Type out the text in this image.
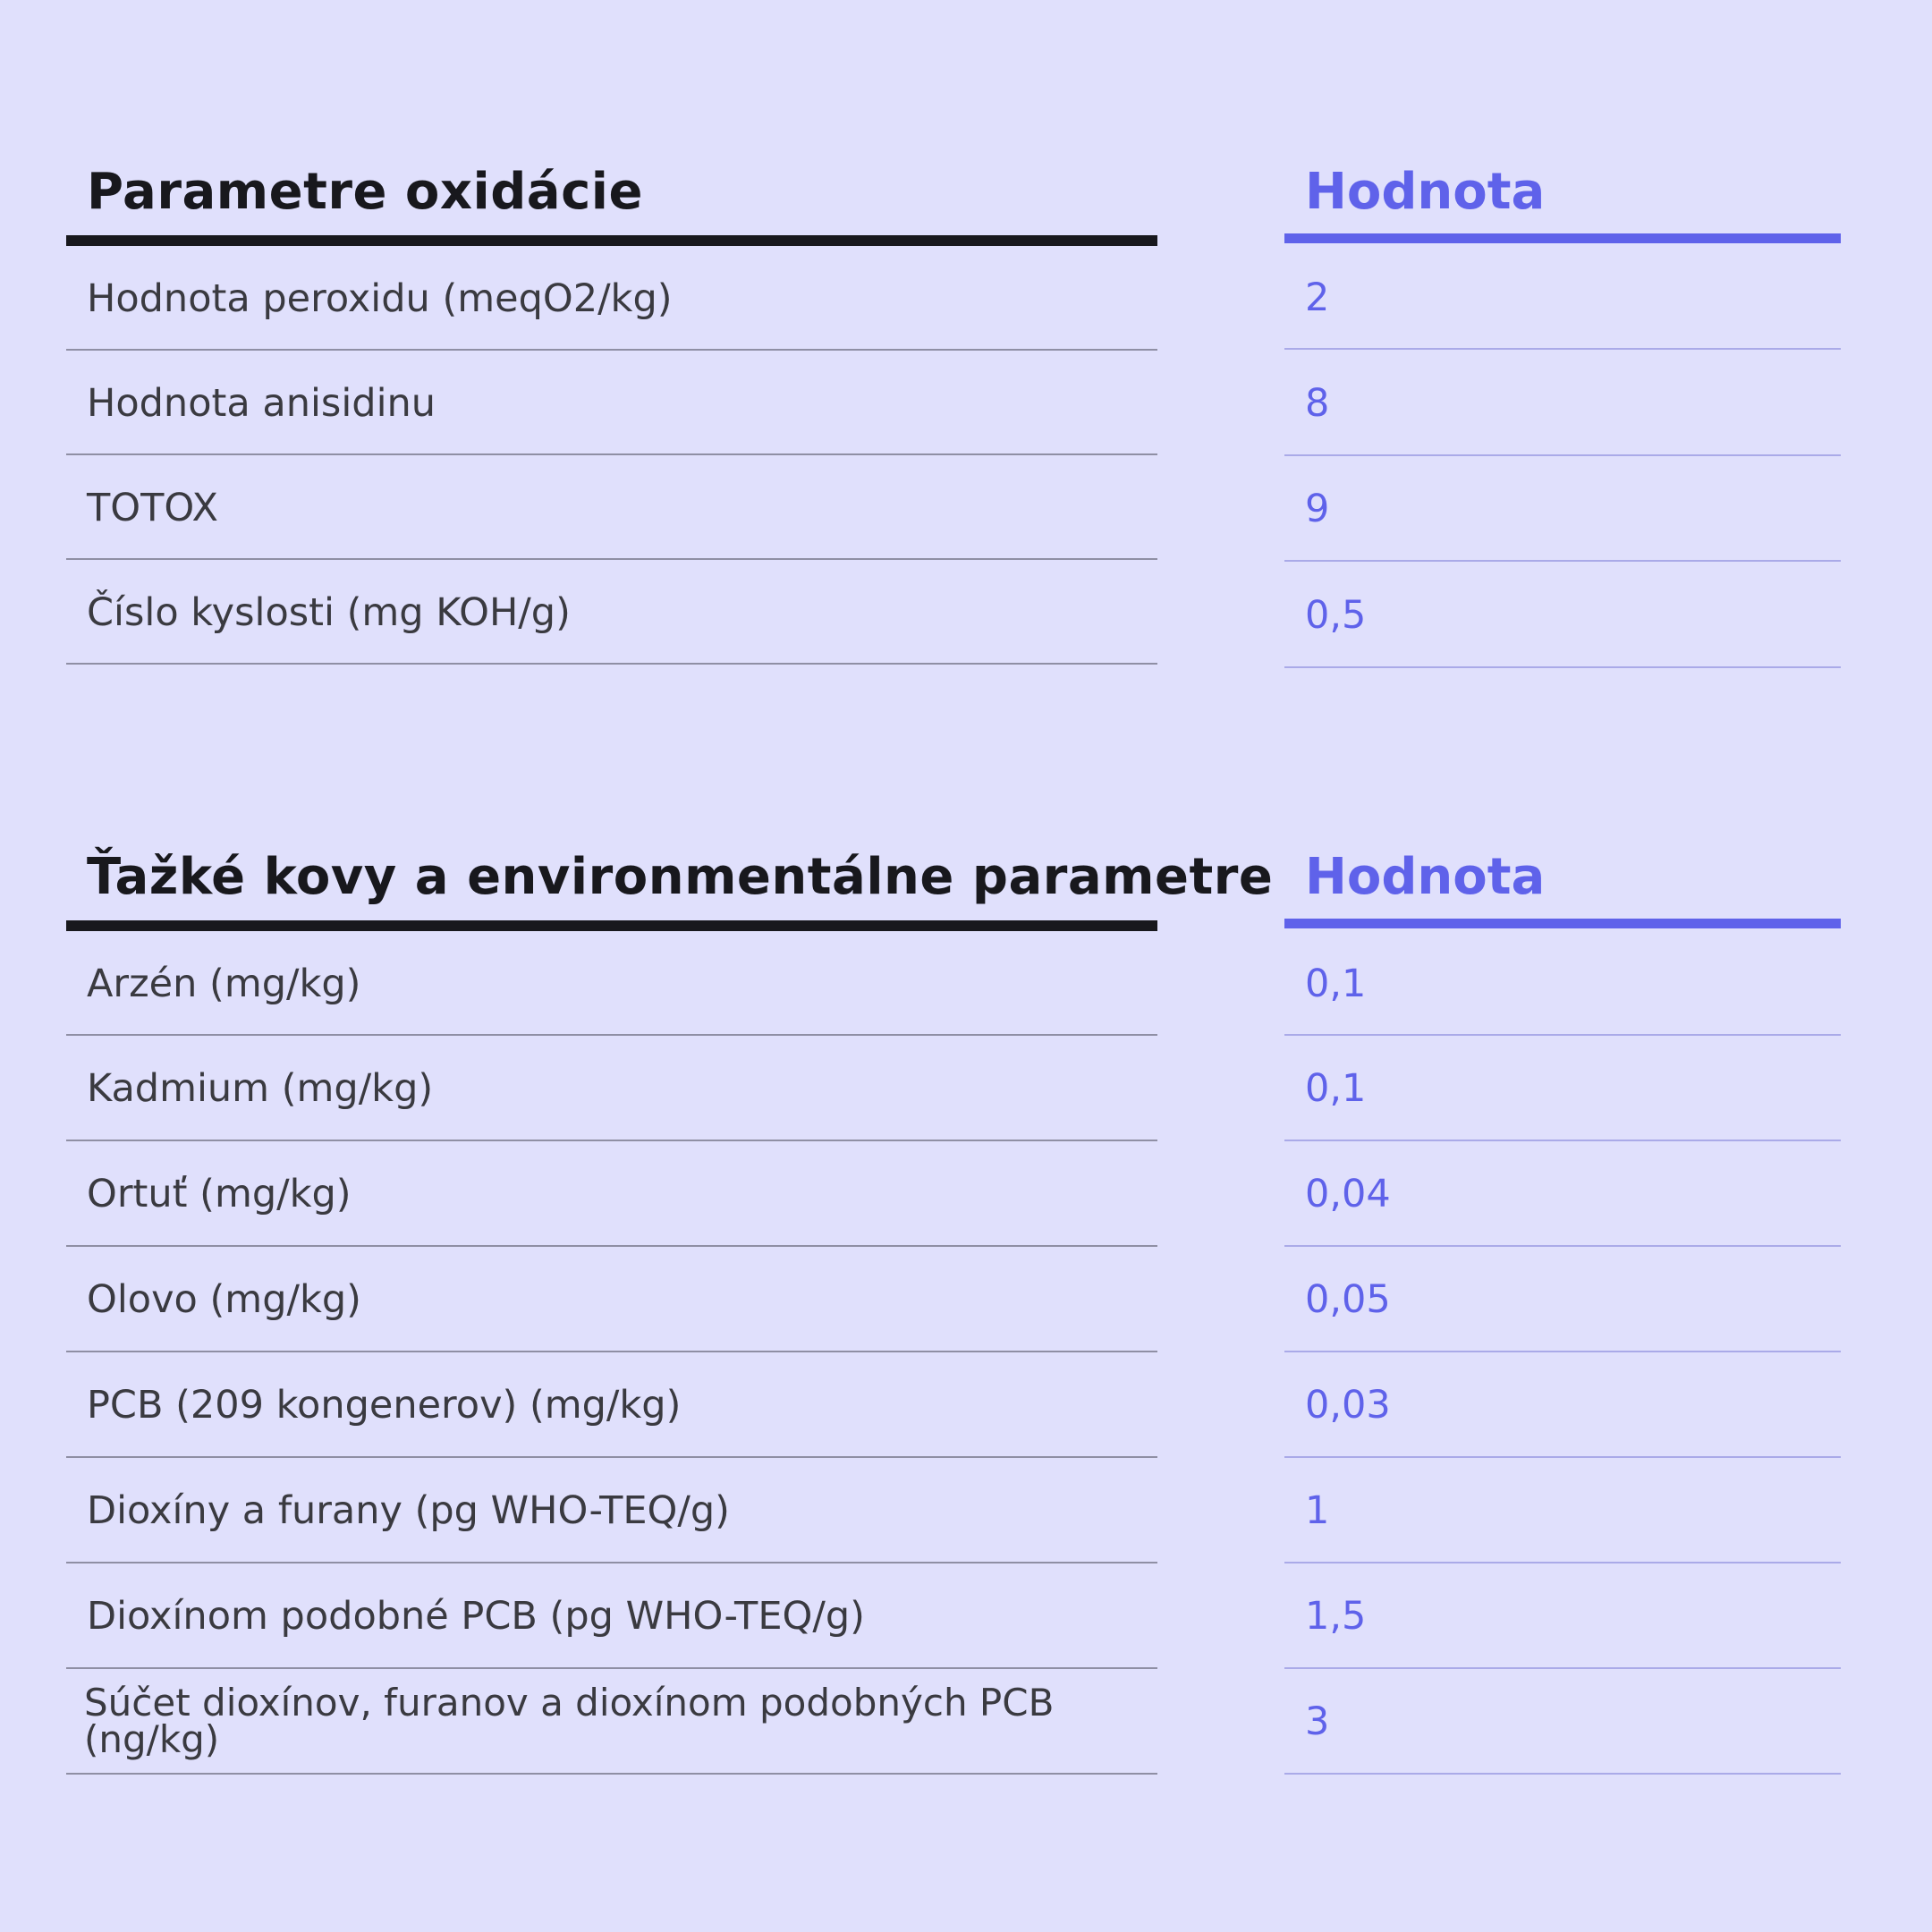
Parametre oxidácie
Hodnota peroxidu (meqO2/kg)
Hodnota anisidinu
TOTOX
Číslo kyslosti (mg KOH/g)
Hodnota
2
8
9
0,5
Ťažké kovy a environmentálne parametre
Arzén (mg/kg)
Kadmium (mg/kg)
Ortuť (mg/kg)
Olovo (mg/kg)
PCB (209 kongenerov) (mg/kg)
Dioxíny a furany (pg WHO-TEQ/g)
Dioxínom podobné PCB (pg WHO-TEQ/g)
Súčet dioxínov, furanov a dioxínom podobných PCB (ng/kg)
Hodnota
0,1
0,1
0,04
0,05
0,03
1
1,5
3
